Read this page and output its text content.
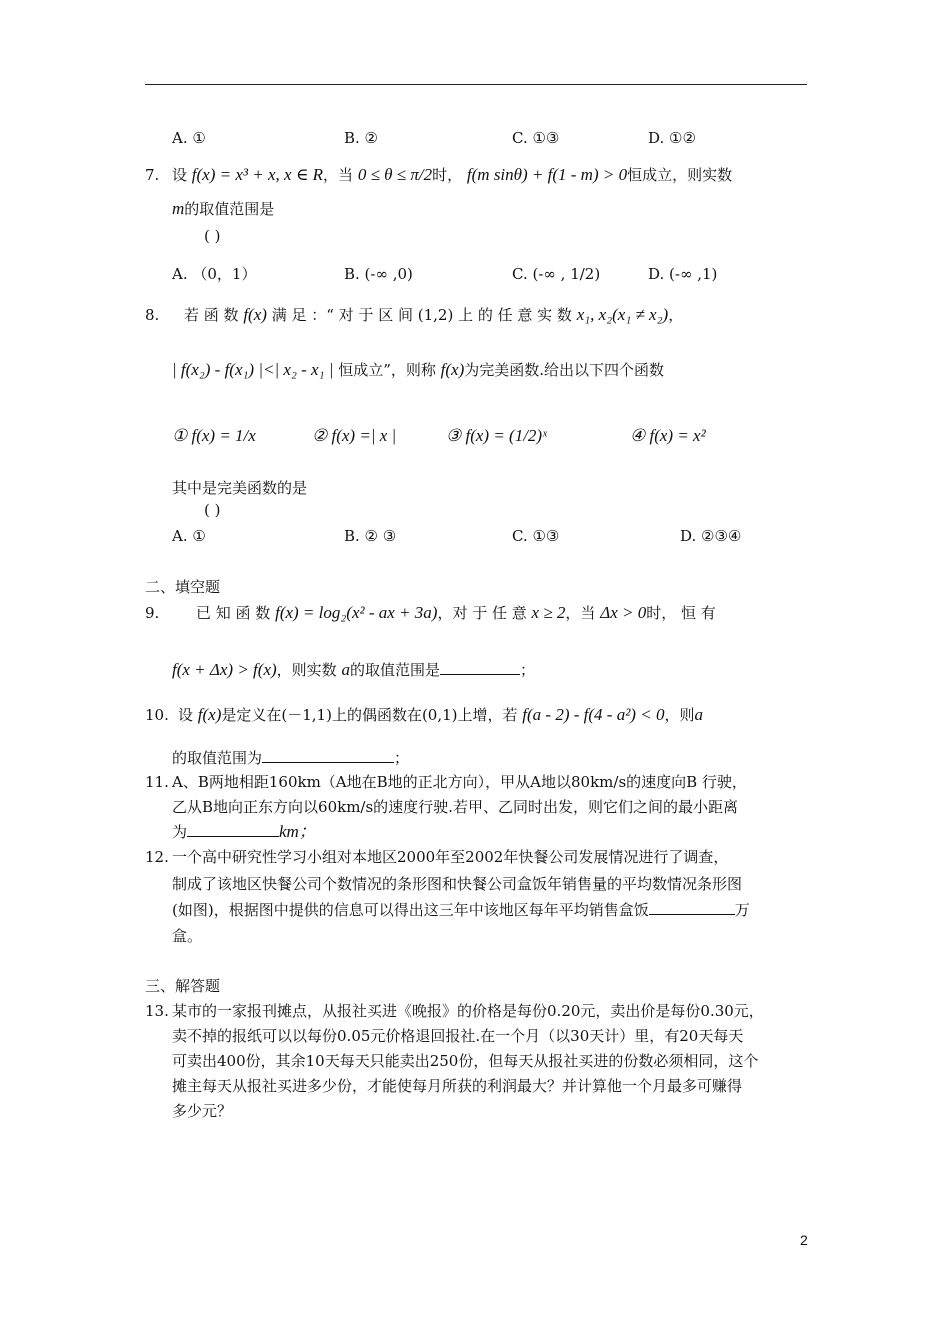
A. ①	B. ②	C. ①③	D. ①②
7. 设 f(x) = x³ + x, x ∈ R，当 0 ≤ θ ≤ π/2时， f(m sinθ) + f(1 - m) > 0恒成立，则实数
m的取值范围是
( )
A. （0，1）	B. (-∞ ,0)	C. (-∞ , 1/2)	D. (-∞ ,1)
8. 若 函 数 f(x) 满 足 ：“ 对 于 区 间 (1,2) 上 的 任 意 实 数 x₁, x₂(x₁ ≠ x₂)，
| f(x₂) - f(x₁) |<| x₂ - x₁ | 恒成立”，则称 f(x)为完美函数.给出以下四个函数
① f(x) = 1/x	② f(x) =| x |	③ f(x) = (1/2)ˣ	④ f(x) = x²
其中是完美函数的是
( )
A. ①	B. ② ③	C. ①③	D. ②③④
二、填空题
9. 已 知 函 数 f(x) = log₂(x² - ax + 3a)，对 于 任 意 x ≥ 2，当 Δx > 0时， 恒 有
f(x + Δx) > f(x)，则实数 a的取值范围是	；
10. 设 f(x)是定义在(－1,1)上的偶函数在(0,1)上增，若 f(a - 2) - f(4 - a²) < 0，则a
的取值范围为	；
11. A、B两地相距160km（A地在B地的正北方向），甲从A地以80km/s的速度向B 行驶，
乙从B地向正东方向以60km/s的速度行驶.若甲、乙同时出发，则它们之间的最小距离
为	km；
12. 一个高中研究性学习小组对本地区2000年至2002年快餐公司发展情况进行了调查，
制成了该地区快餐公司个数情况的条形图和快餐公司盒饭年销售量的平均数情况条形图
(如图)，根据图中提供的信息可以得出这三年中该地区每年平均销售盒饭	万
盒。
三、解答题
13. 某市的一家报刊摊点，从报社买进《晚报》的价格是每份0.20元，卖出价是每份0.30元，
卖不掉的报纸可以以每份0.05元价格退回报社.在一个月（以30天计）里，有20天每天
可卖出400份，其余10天每天只能卖出250份，但每天从报社买进的份数必须相同，这个
摊主每天从报社买进多少份，才能使每月所获的利润最大？并计算他一个月最多可赚得
多少元？
2
